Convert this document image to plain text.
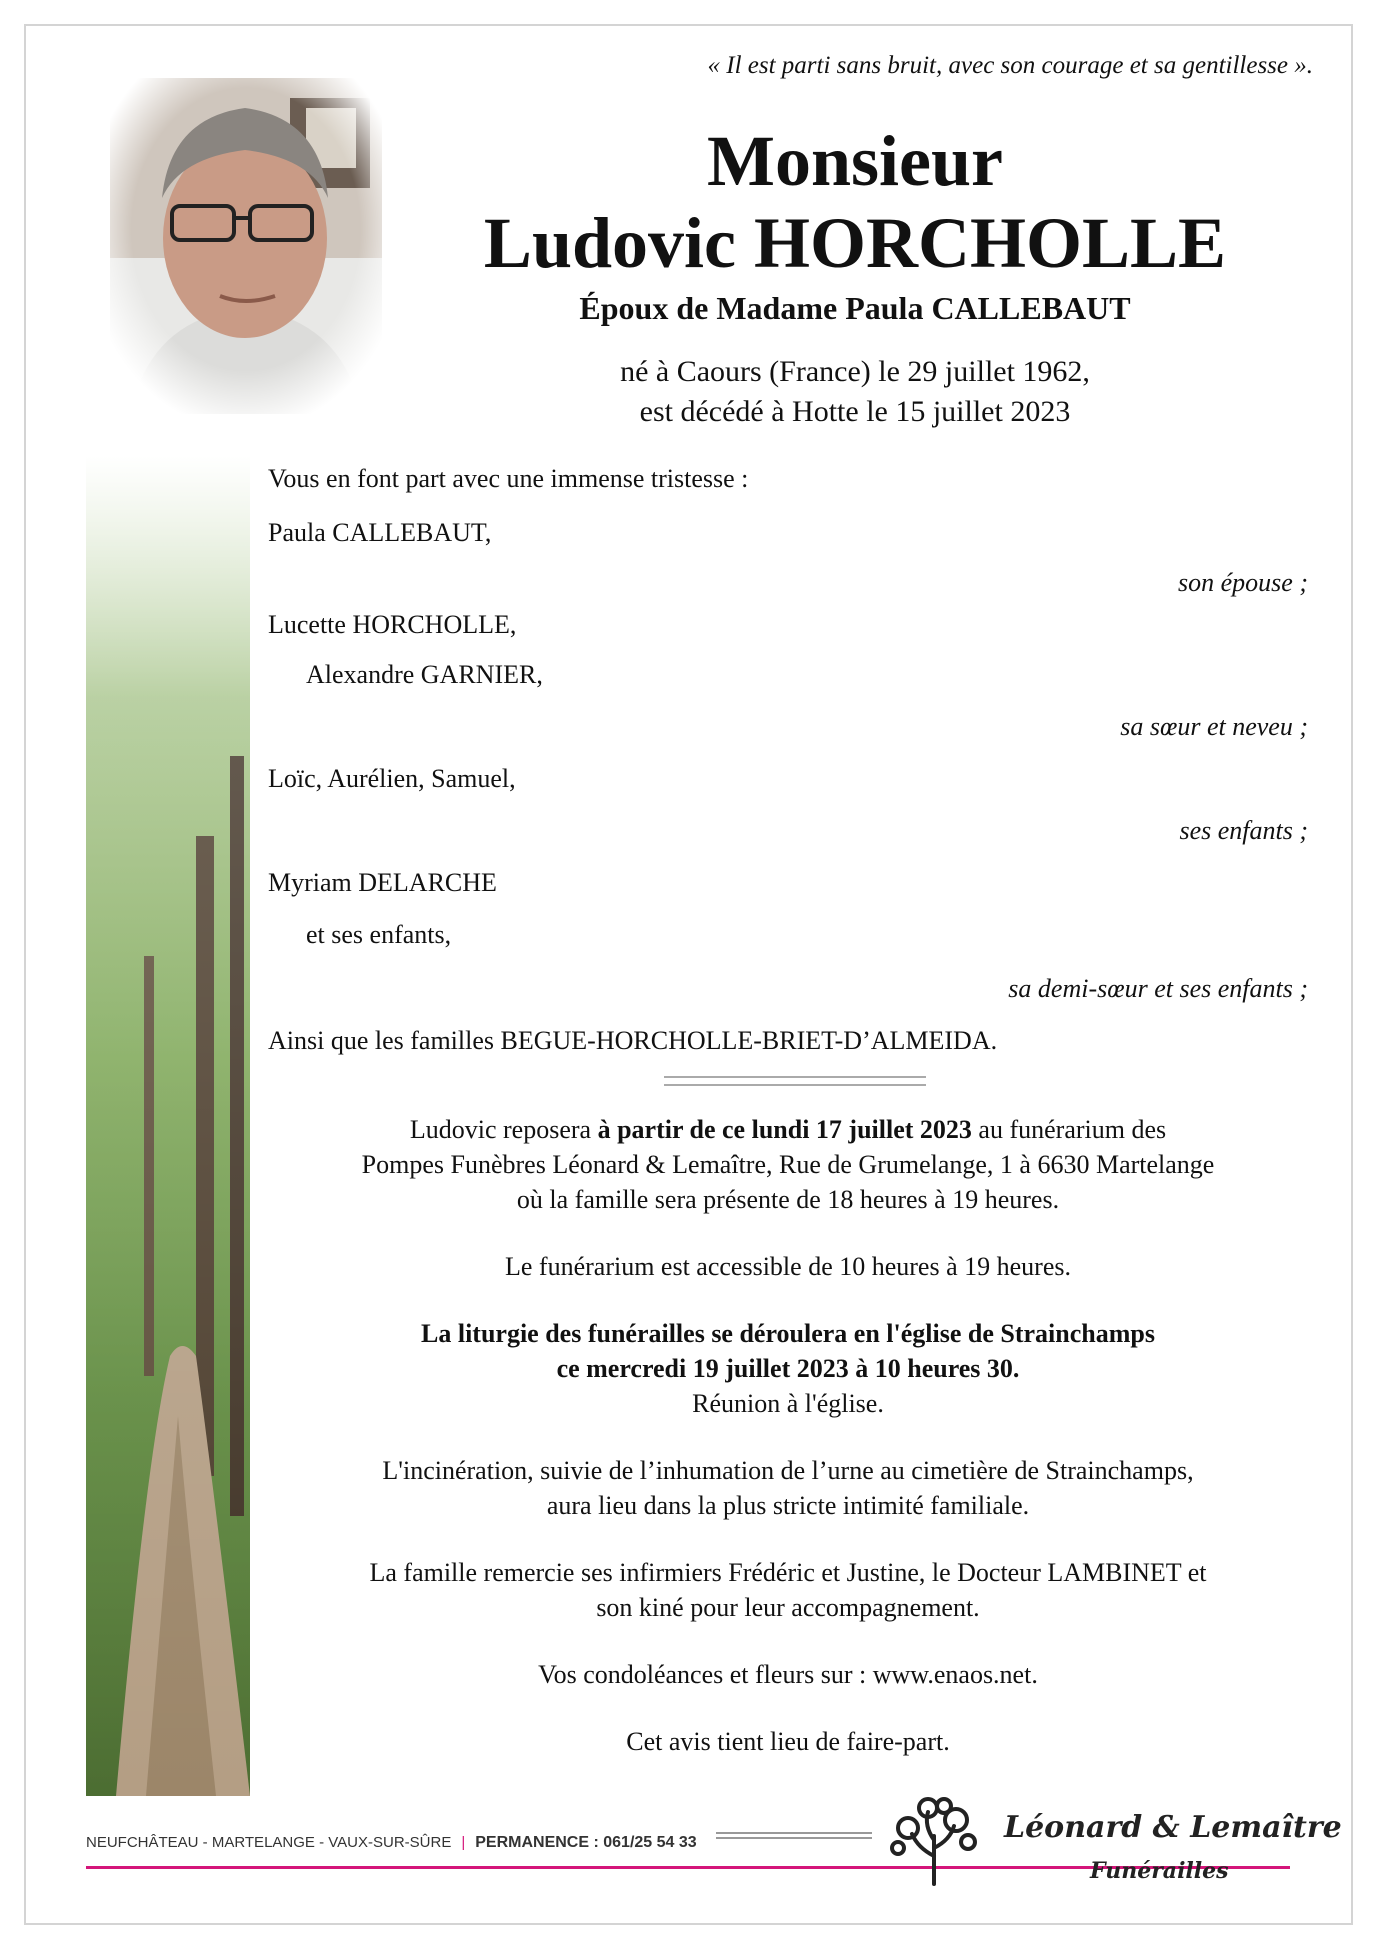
« Il est parti sans bruit, avec son courage et sa gentillesse ».
Monsieur
Ludovic HORCHOLLE
Époux de Madame Paula CALLEBAUT
né à Caours (France) le 29 juillet 1962,
est décédé à Hotte le 15 juillet 2023
Vous en font part avec une immense tristesse :
Paula CALLEBAUT,
son épouse ;
Lucette HORCHOLLE,
Alexandre GARNIER,
sa sœur et neveu ;
Loïc, Aurélien, Samuel,
ses enfants ;
Myriam DELARCHE
et ses enfants,
sa demi-sœur et ses enfants ;
Ainsi que les familles BEGUE-HORCHOLLE-BRIET-D’ALMEIDA.

Ludovic reposera à partir de ce lundi 17 juillet 2023 au funérarium des

Pompes Funèbres Léonard & Lemaître, Rue de Grumelange, 1 à 6630 Martelange

où la famille sera présente de 18 heures à 19 heures.

Le funérarium est accessible de 10 heures à 19 heures.

La liturgie des funérailles se déroulera en l'église de Strainchamps

ce mercredi 19 juillet 2023 à 10 heures 30.

Réunion à l'église.

L'incinération, suivie de l’inhumation de l’urne au cimetière de Strainchamps,

aura lieu dans la plus stricte intimité familiale.

La famille remercie ses infirmiers Frédéric et Justine, le Docteur LAMBINET et

son kiné pour leur accompagnement.

Vos condoléances et fleurs sur : www.enaos.net.

Cet avis tient lieu de faire-part.

NEUFCHÂTEAU - MARTELANGE - VAUX-SUR-SÛRE | PERMANENCE : 061/25 54 33	Léonard & Lemaître
Funérailles
